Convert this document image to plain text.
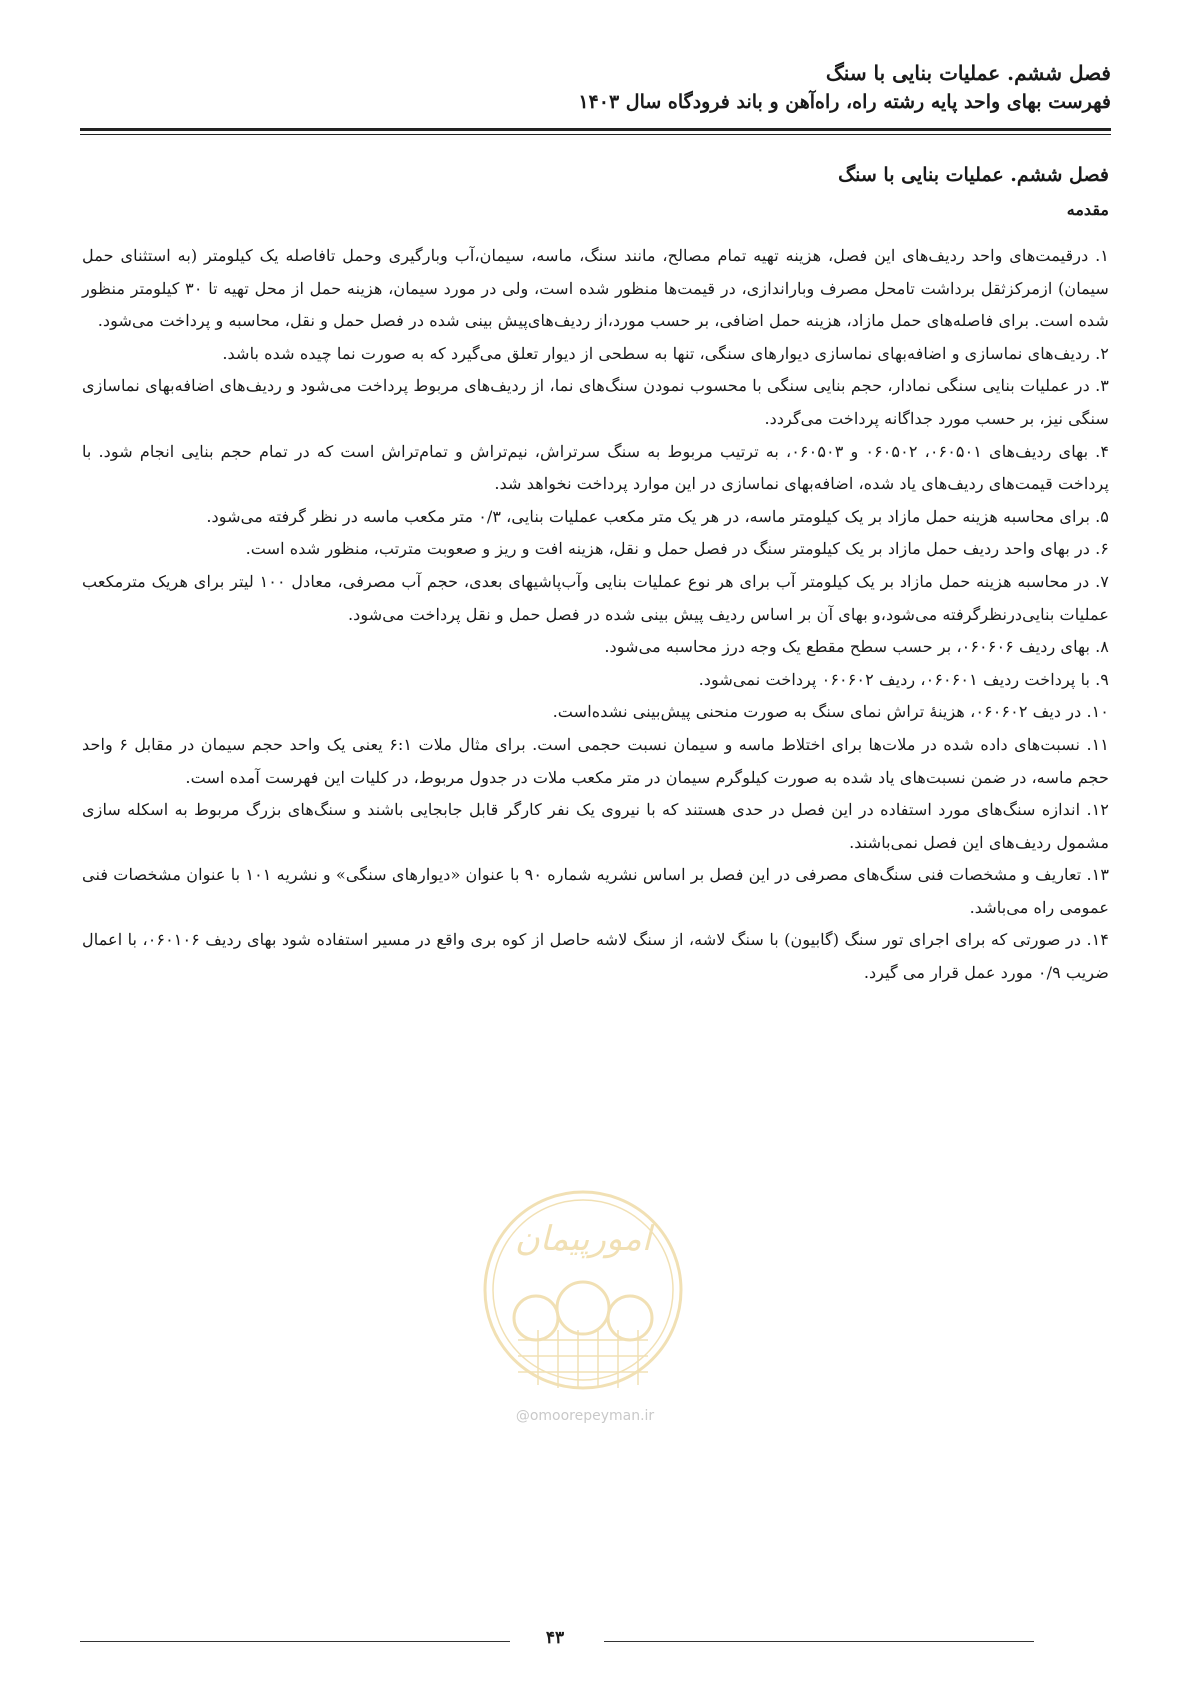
فصل ششم. عملیات بنایی با سنگ
فهرست بهای واحد پایه رشته راه، راه‌آهن و باند فرودگاه سال ۱۴۰۳

فصل ششم. عملیات بنایی با سنگ

مقدمه

۱. درقیمت‌های واحد ردیف‌های این فصل، هزینه تهیه تمام مصالح، مانند سنگ، ماسه، سیمان،آب وبارگیری وحمل تافاصله یک کیلومتر (به استثنای حمل سیمان) ازمرکزثقل برداشت تامحل مصرف وباراندازی، در قیمت‌ها منظور شده است، ولی در مورد سیمان، هزینه حمل از محل تهیه تا ۳۰ کیلومتر منظور شده است. برای فاصله‌های حمل مازاد، هزینه حمل اضافی، بر حسب مورد،از ردیف‌های‌پیش بینی شده در فصل حمل و نقل، محاسبه و پرداخت می‌شود.

۲. ردیف‌های نماسازی و اضافه‌بهای نماسازی دیوارهای سنگی، تنها به سطحی از دیوار تعلق می‌گیرد که به صورت نما چیده شده باشد.

۳. در عملیات بنایی سنگی نمادار، حجم بنایی سنگی با محسوب نمودن سنگ‌های نما، از ردیف‌های مربوط پرداخت می‌شود و ردیف‌های اضافه‌بهای نماسازی سنگی نیز، بر حسب مورد جداگانه پرداخت می‌گردد.

۴. بهای ردیف‌های ۰۶۰۵۰۱، ۰۶۰۵۰۲ و ۰۶۰۵۰۳، به ترتیب مربوط به سنگ سرتراش، نیم‌تراش و تمام‌تراش است که در تمام حجم بنایی انجام شود. با پرداخت قیمت‌های ردیف‌های یاد شده، اضافه‌بهای نماسازی در این موارد پرداخت نخواهد شد.

۵. برای محاسبه هزینه حمل مازاد بر یک کیلومتر ماسه، در هر یک متر مکعب عملیات بنایی، ۰/۳ متر مکعب ماسه در نظر گرفته می‌شود.

۶. در بهای واحد ردیف حمل مازاد بر یک کیلومتر سنگ در فصل حمل و نقل، هزینه افت و ریز و صعوبت مترتب، منظور شده است.

۷. در محاسبه هزینه حمل مازاد بر یک کیلومتر آب برای هر نوع عملیات بنایی وآب‌پاشیهای بعدی، حجم آب مصرفی، معادل ۱۰۰ لیتر برای هریک مترمکعب عملیات بنایی‌درنظرگرفته می‌شود،و بهای آن بر اساس ردیف پیش بینی شده در فصل حمل و نقل پرداخت می‌شود.

۸. بهای ردیف ۰۶۰۶۰۶، بر حسب سطح مقطع یک وجه درز محاسبه می‌شود.

۹. با پرداخت ردیف ۰۶۰۶۰۱، ردیف ۰۶۰۶۰۲ پرداخت نمی‌شود.

۱۰. در دیف ۰۶۰۶۰۲، هزینهٔ تراش نمای سنگ به صورت منحنی پیش‌بینی نشده‌است.

۱۱. نسبت‌های داده شده در ملات‌ها برای اختلاط ماسه و سیمان نسبت حجمی است. برای مثال ملات ۶:۱ یعنی یک واحد حجم سیمان در مقابل ۶ واحد حجم ماسه، در ضمن نسبت‌های یاد شده به صورت کیلوگرم سیمان در متر مکعب ملات در جدول مربوط، در کلیات این فهرست آمده است.

۱۲. اندازه سنگ‌های مورد استفاده در این فصل در حدی هستند که با نیروی یک نفر کارگر قابل جابجایی باشند و سنگ‌های بزرگ مربوط به اسکله سازی مشمول ردیف‌های این فصل نمی‌باشند.

۱۳. تعاریف و مشخصات فنی سنگ‌های مصرفی در این فصل بر اساس نشریه شماره ۹۰ با عنوان «دیوارهای سنگی» و نشریه ۱۰۱ با عنوان مشخصات فنی عمومی راه می‌باشد.

۱۴. در صورتی که برای اجرای تور سنگ (گابیون) با سنگ لاشه، از سنگ لاشه حاصل از کوه بری واقع در مسیر استفاده شود بهای ردیف ۰۶۰۱۰۶، با اعمال ضریب ۰/۹ مورد عمل قرار می گیرد.

امورپیمان
@omoorepeyman.ir
۴۳
